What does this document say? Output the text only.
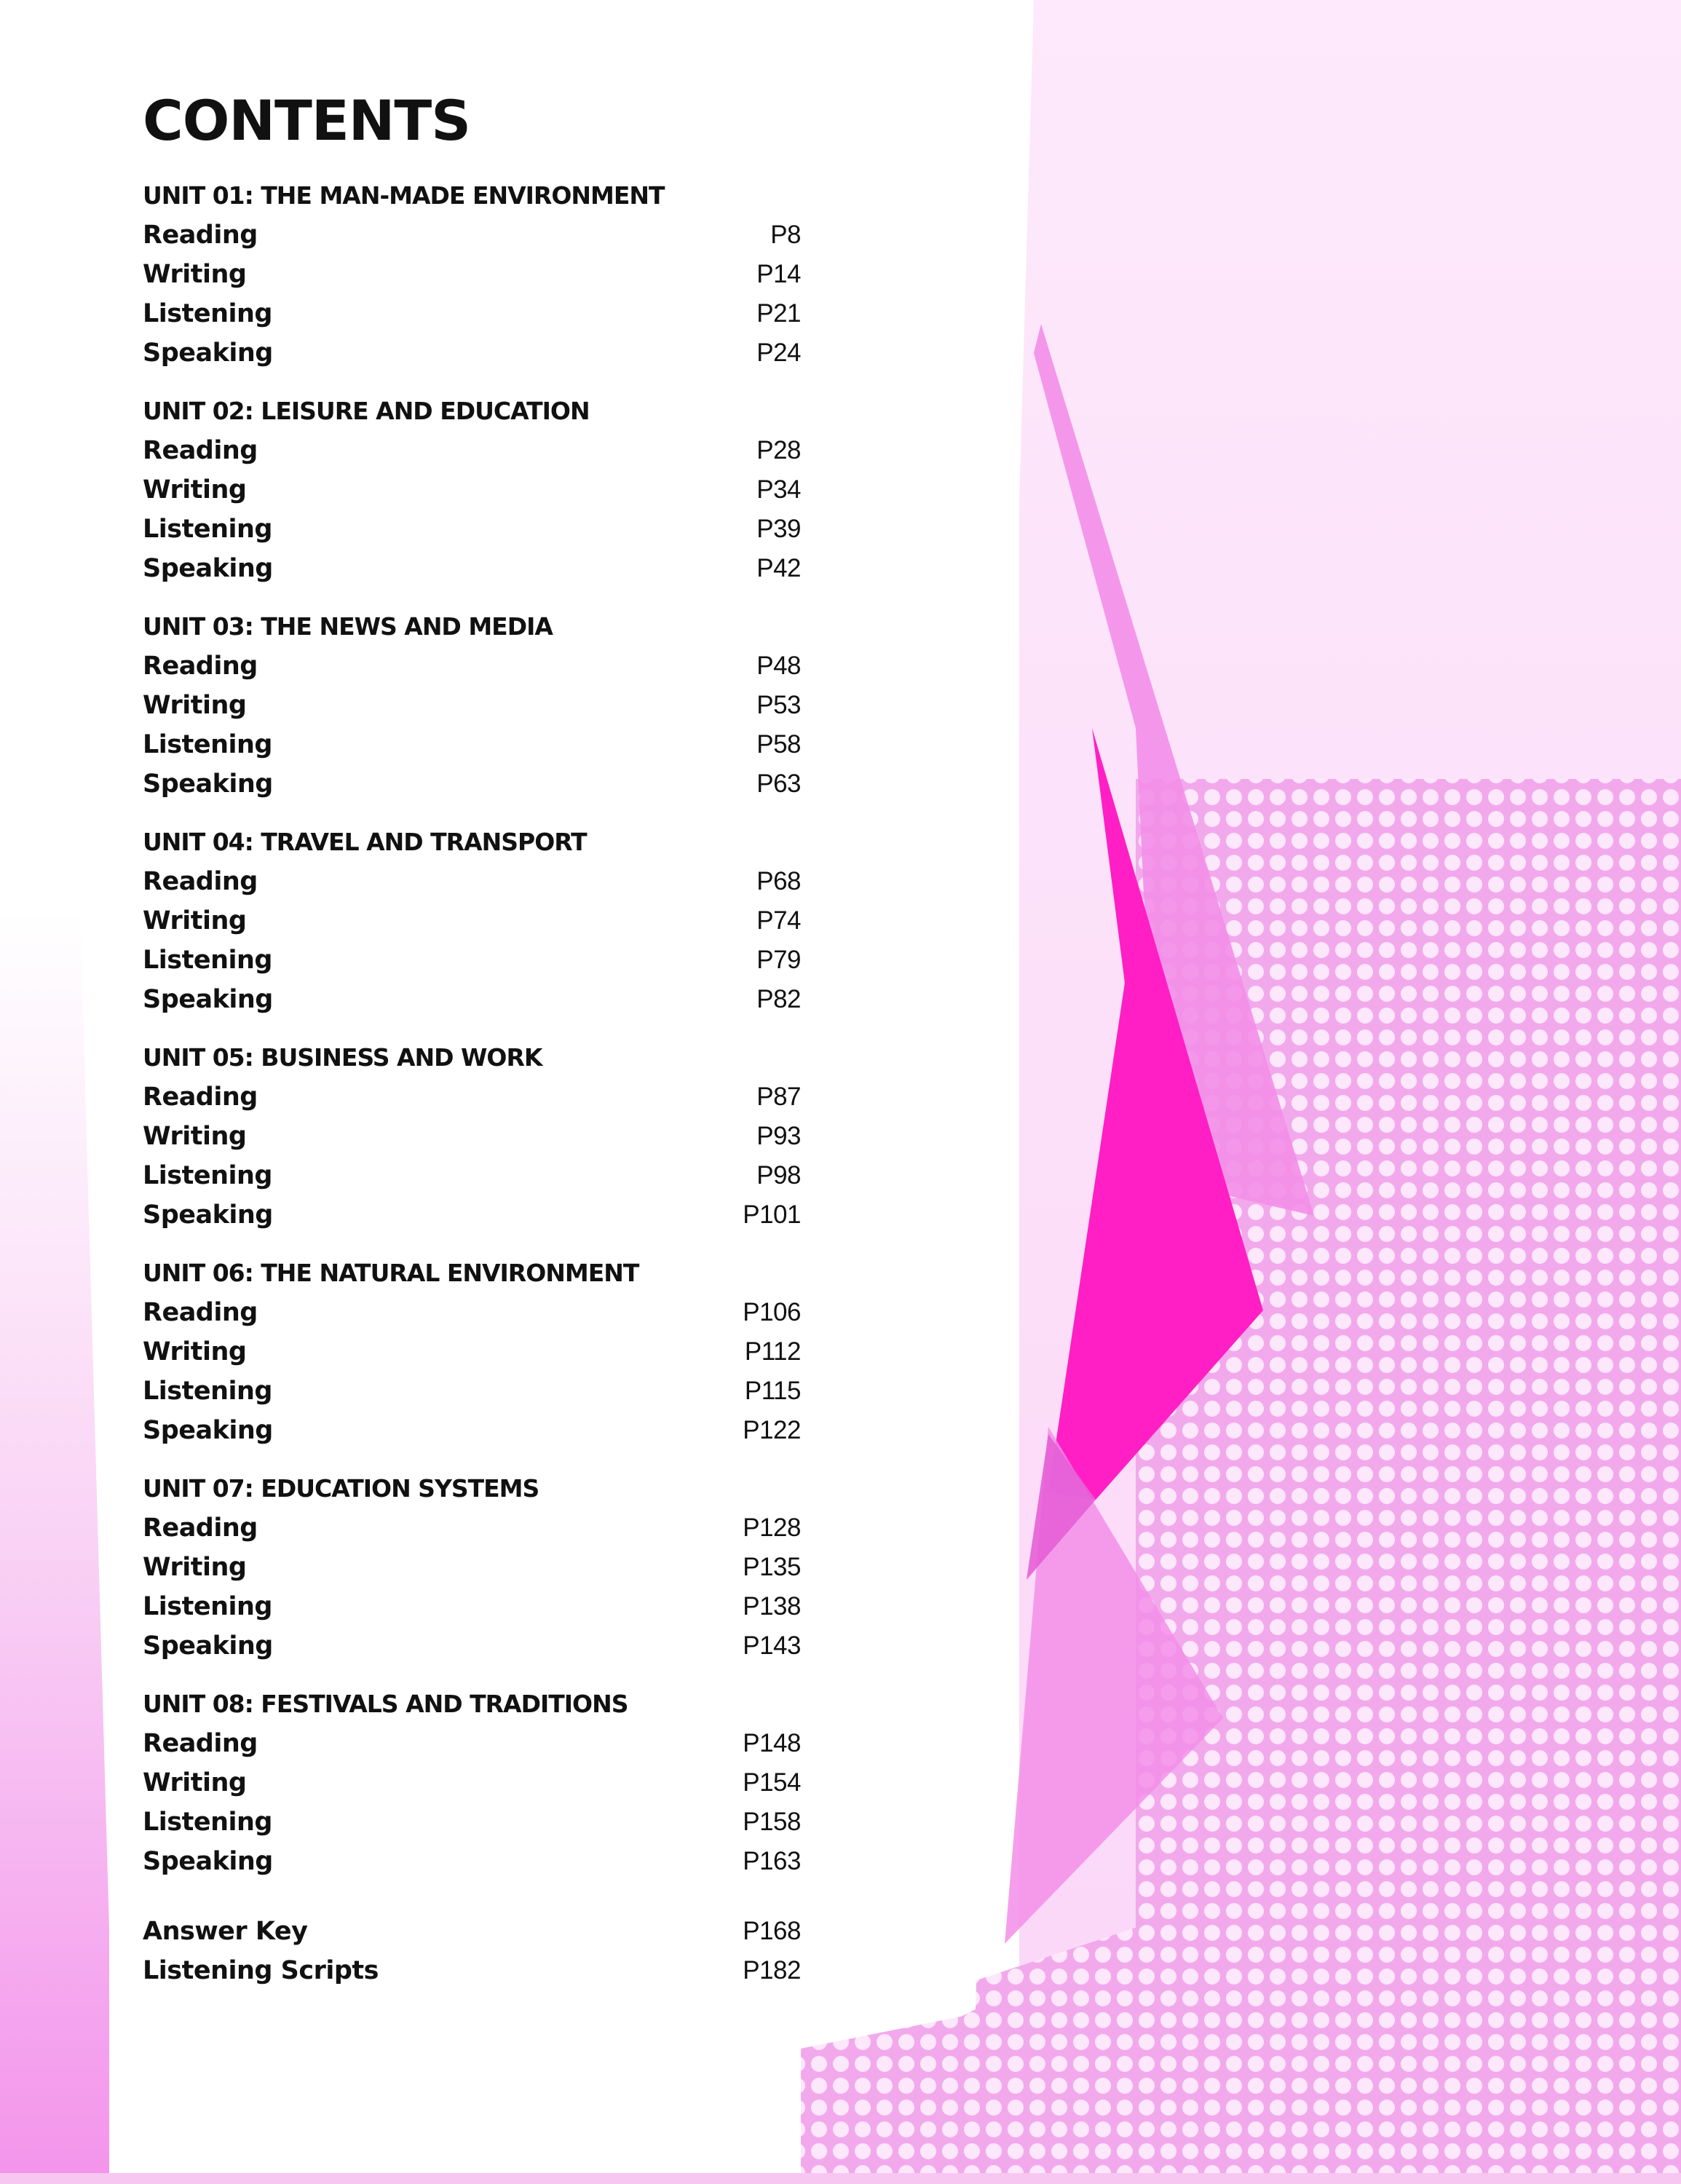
CONTENTS
UNIT 01: THE MAN-MADE ENVIRONMENT
Reading	P8
Writing	P14
Listening	P21
Speaking	P24
UNIT 02: LEISURE AND EDUCATION
Reading	P28
Writing	P34
Listening	P39
Speaking	P42
UNIT 03: THE NEWS AND MEDIA
Reading	P48
Writing	P53
Listening	P58
Speaking	P63
UNIT 04: TRAVEL AND TRANSPORT
Reading	P68
Writing	P74
Listening	P79
Speaking	P82
UNIT 05: BUSINESS AND WORK
Reading	P87
Writing	P93
Listening	P98
Speaking	P101
UNIT 06: THE NATURAL ENVIRONMENT
Reading	P106
Writing	P112
Listening	P115
Speaking	P122
UNIT 07: EDUCATION SYSTEMS
Reading	P128
Writing	P135
Listening	P138
Speaking	P143
UNIT 08: FESTIVALS AND TRADITIONS
Reading	P148
Writing	P154
Listening	P158
Speaking	P163
Answer Key	P168
Listening Scripts	P182
